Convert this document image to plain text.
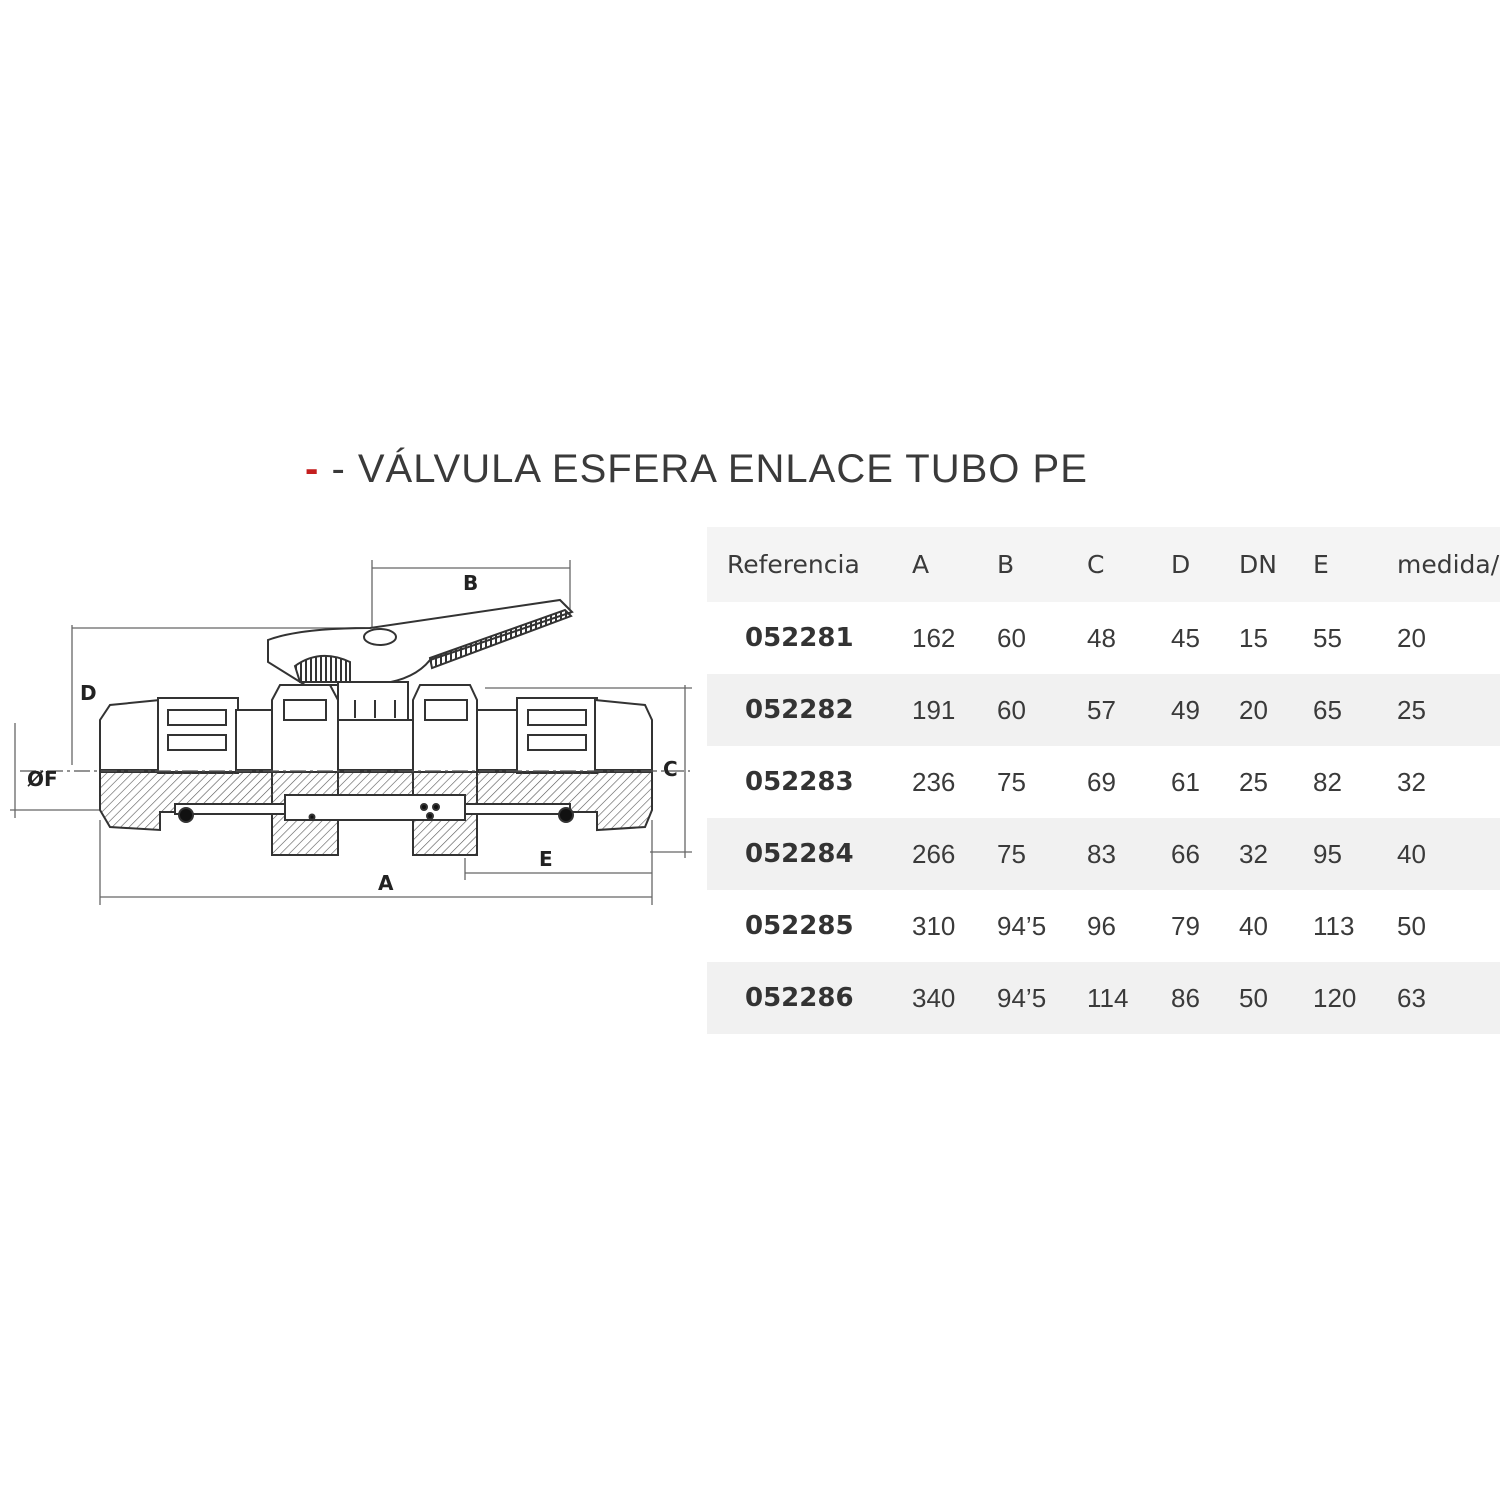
- - VÁLVULA ESFERA ENLACE TUBO PE
B
D
ØF	C
E
A
Referencia	A	B	C	D	DN	E	medida/
052281	162	60	48	45	15	55	20
052282	191	60	57	49	20	65	25
052283	236	75	69	61	25	82	32
052284	266	75	83	66	32	95	40
052285	310	94’5	96	79	40	113	50
052286	340	94’5	114	86	50	120	63
